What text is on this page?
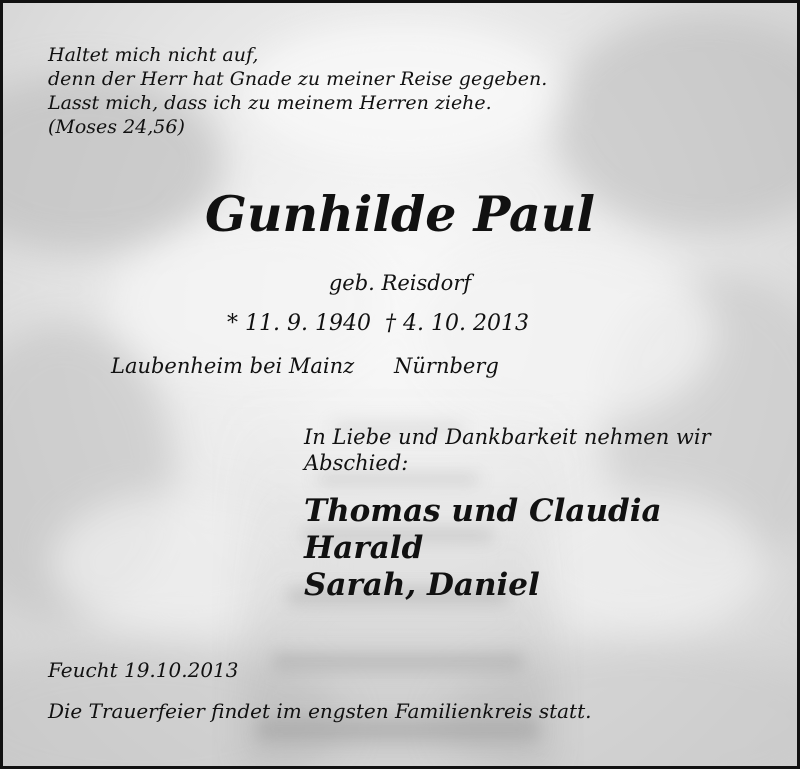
Haltet mich nicht auf,
denn der Herr hat Gnade zu meiner Reise gegeben.
Lasst mich, dass ich zu meinem Herren ziehe.
(Moses 24,56)
Gunhilde Paul
geb. Reisdorf
* 11. 9. 1940 † 4. 10. 2013
Laubenheim bei Mainz Nürnberg
In Liebe und Dankbarkeit nehmen wir
Abschied:
Thomas und Claudia
Harald
Sarah, Daniel
Feucht 19.10.2013
Die Trauerfeier findet im engsten Familienkreis statt.
